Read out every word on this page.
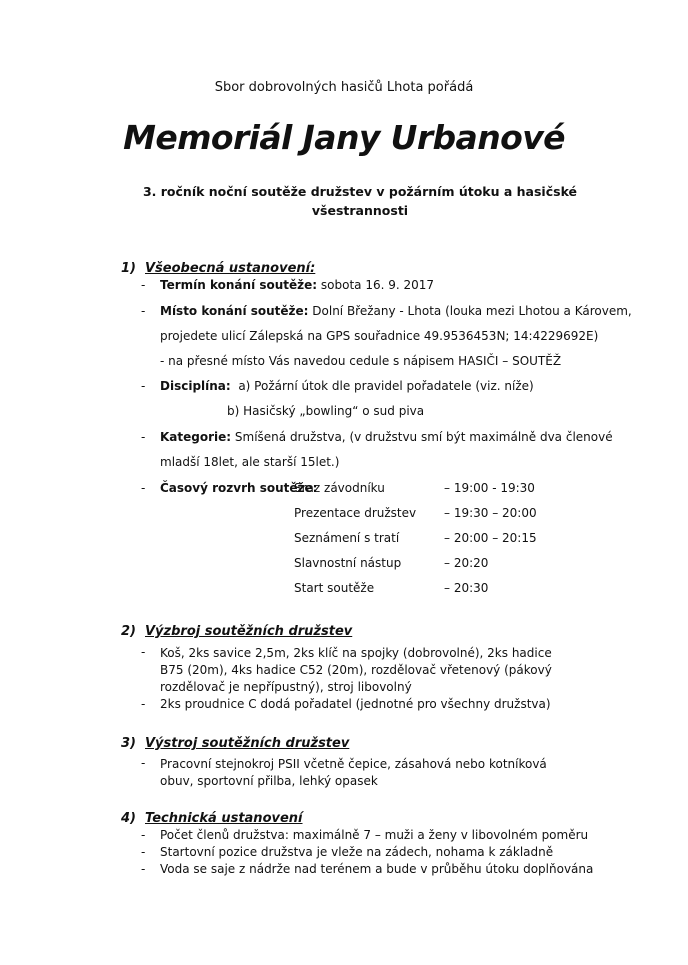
Sbor dobrovolných hasičů Lhota pořádá
Memoriál Jany Urbanové
3. ročník noční soutěže družstev v požárním útoku a hasičské všestrannosti
1) Všeobecná ustanovení:
- Termín konání soutěže: sobota 16. 9. 2017
- Místo konání soutěže: Dolní Břežany - Lhota (louka mezi Lhotou a Károvem,
projedete ulicí Zálepská na GPS souřadnice 49.9536453N; 14:4229692E)
- na přesné místo Vás navedou cedule s nápisem HASIČI – SOUTĚŽ
- Disciplína:  a) Požární útok dle pravidel pořadatele (viz. níže)
b) Hasičský „bowling“ o sud piva
- Kategorie: Smíšená družstva, (v družstvu smí být maximálně dva členové
mladší 18let, ale starší 15let.)
- Časový rozvrh soutěže:
Sraz závodníku	– 19:00 - 19:30
Prezentace družstev – 19:30 – 20:00
Seznámení s tratí	– 20:00 – 20:15
Slavnostní nástup	– 20:20
Start soutěže	– 20:30
2) Výzbroj soutěžních družstev
- Koš, 2ks savice 2,5m, 2ks klíč na spojky (dobrovolné), 2ks hadice B75 (20m), 4ks hadice C52 (20m), rozdělovač vřetenový (pákový rozdělovač je nepřípustný), stroj libovolný
- 2ks proudnice C dodá pořadatel (jednotné pro všechny družstva)
3) Výstroj soutěžních družstev
- Pracovní stejnokroj PSII včetně čepice, zásahová nebo kotníková obuv, sportovní přilba, lehký opasek
4) Technická ustanovení
- Počet členů družstva: maximálně 7 – muži a ženy v libovolném poměru
- Startovní pozice družstva je vleže na zádech, nohama k základně
- Voda se saje z nádrže nad terénem a bude v průběhu útoku doplňována
